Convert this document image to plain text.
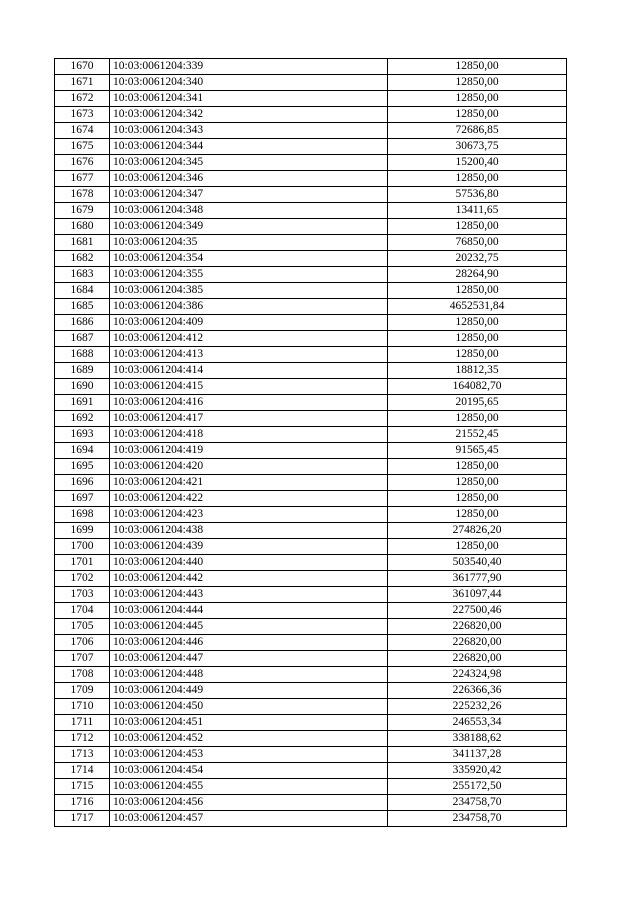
1670	10:03:0061204:339	12850,00
1671	10:03:0061204:340	12850,00
1672	10:03:0061204:341	12850,00
1673	10:03:0061204:342	12850,00
1674	10:03:0061204:343	72686,85
1675	10:03:0061204:344	30673,75
1676	10:03:0061204:345	15200,40
1677	10:03:0061204:346	12850,00
1678	10:03:0061204:347	57536,80
1679	10:03:0061204:348	13411,65
1680	10:03:0061204:349	12850,00
1681	10:03:0061204:35	76850,00
1682	10:03:0061204:354	20232,75
1683	10:03:0061204:355	28264,90
1684	10:03:0061204:385	12850,00
1685	10:03:0061204:386	4652531,84
1686	10:03:0061204:409	12850,00
1687	10:03:0061204:412	12850,00
1688	10:03:0061204:413	12850,00
1689	10:03:0061204:414	18812,35
1690	10:03:0061204:415	164082,70
1691	10:03:0061204:416	20195,65
1692	10:03:0061204:417	12850,00
1693	10:03:0061204:418	21552,45
1694	10:03:0061204:419	91565,45
1695	10:03:0061204:420	12850,00
1696	10:03:0061204:421	12850,00
1697	10:03:0061204:422	12850,00
1698	10:03:0061204:423	12850,00
1699	10:03:0061204:438	274826,20
1700	10:03:0061204:439	12850,00
1701	10:03:0061204:440	503540,40
1702	10:03:0061204:442	361777,90
1703	10:03:0061204:443	361097,44
1704	10:03:0061204:444	227500,46
1705	10:03:0061204:445	226820,00
1706	10:03:0061204:446	226820,00
1707	10:03:0061204:447	226820,00
1708	10:03:0061204:448	224324,98
1709	10:03:0061204:449	226366,36
1710	10:03:0061204:450	225232,26
1711	10:03:0061204:451	246553,34
1712	10:03:0061204:452	338188,62
1713	10:03:0061204:453	341137,28
1714	10:03:0061204:454	335920,42
1715	10:03:0061204:455	255172,50
1716	10:03:0061204:456	234758,70
1717	10:03:0061204:457	234758,70
